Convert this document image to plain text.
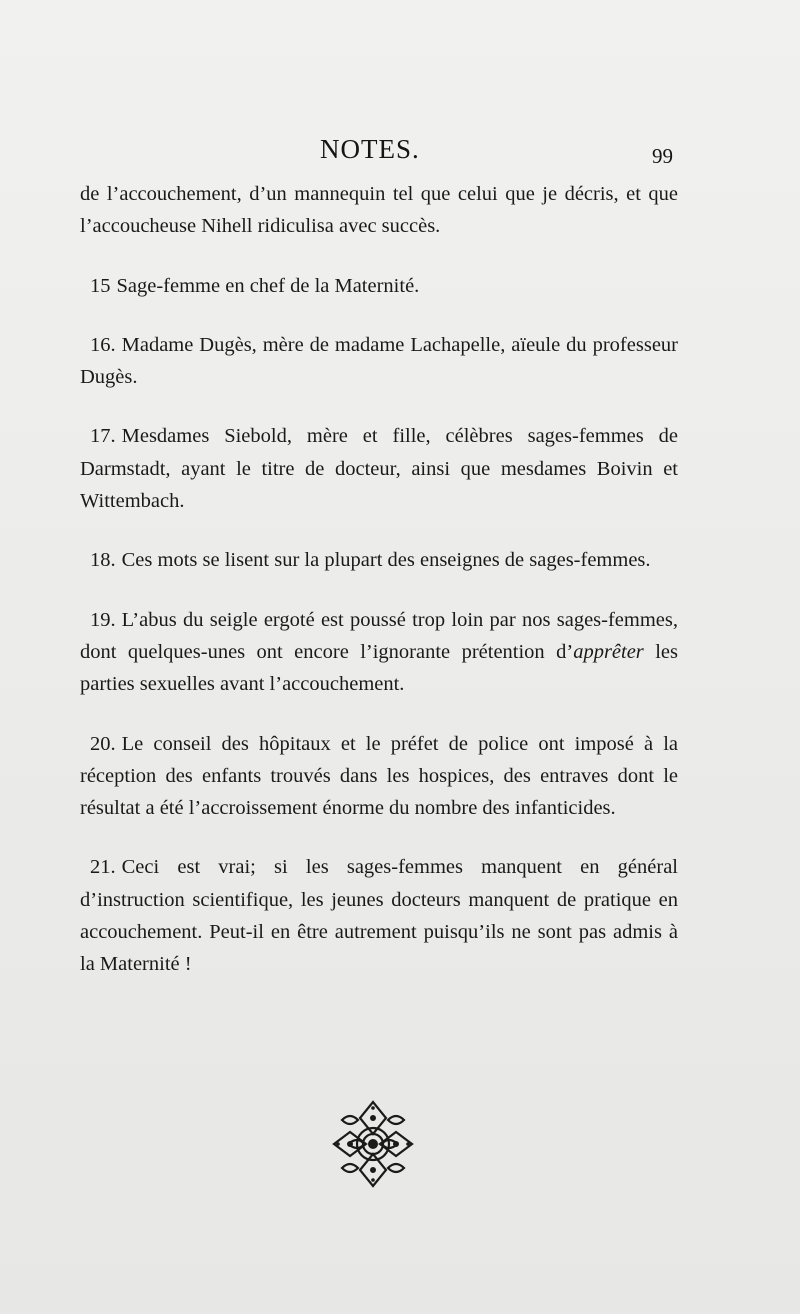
NOTES.	99

de l’accouchement, d’un mannequin tel que celui que je décris, et que l’accoucheuse Nihell ridiculisa avec succès.

15 Sage-femme en chef de la Maternité.

16. Madame Dugès, mère de madame Lachapelle, aïeule du professeur Dugès.

17. Mesdames Siebold, mère et fille, célèbres sages-femmes de Darmstadt, ayant le titre de docteur, ainsi que mesdames Boivin et Wittembach.

18. Ces mots se lisent sur la plupart des enseignes de sages-femmes.

19. L’abus du seigle ergoté est poussé trop loin par nos sages-femmes, dont quelques-unes ont encore l’ignorante prétention d’apprêter les parties sexuelles avant l’accouchement.

20. Le conseil des hôpitaux et le préfet de police ont imposé à la réception des enfants trouvés dans les hospices, des entraves dont le résultat a été l’accroissement énorme du nombre des infanticides.

21. Ceci est vrai; si les sages-femmes manquent en général d’instruction scientifique, les jeunes docteurs manquent de pratique en accouchement. Peut-il en être autrement puisqu’ils ne sont pas admis à la Maternité !
